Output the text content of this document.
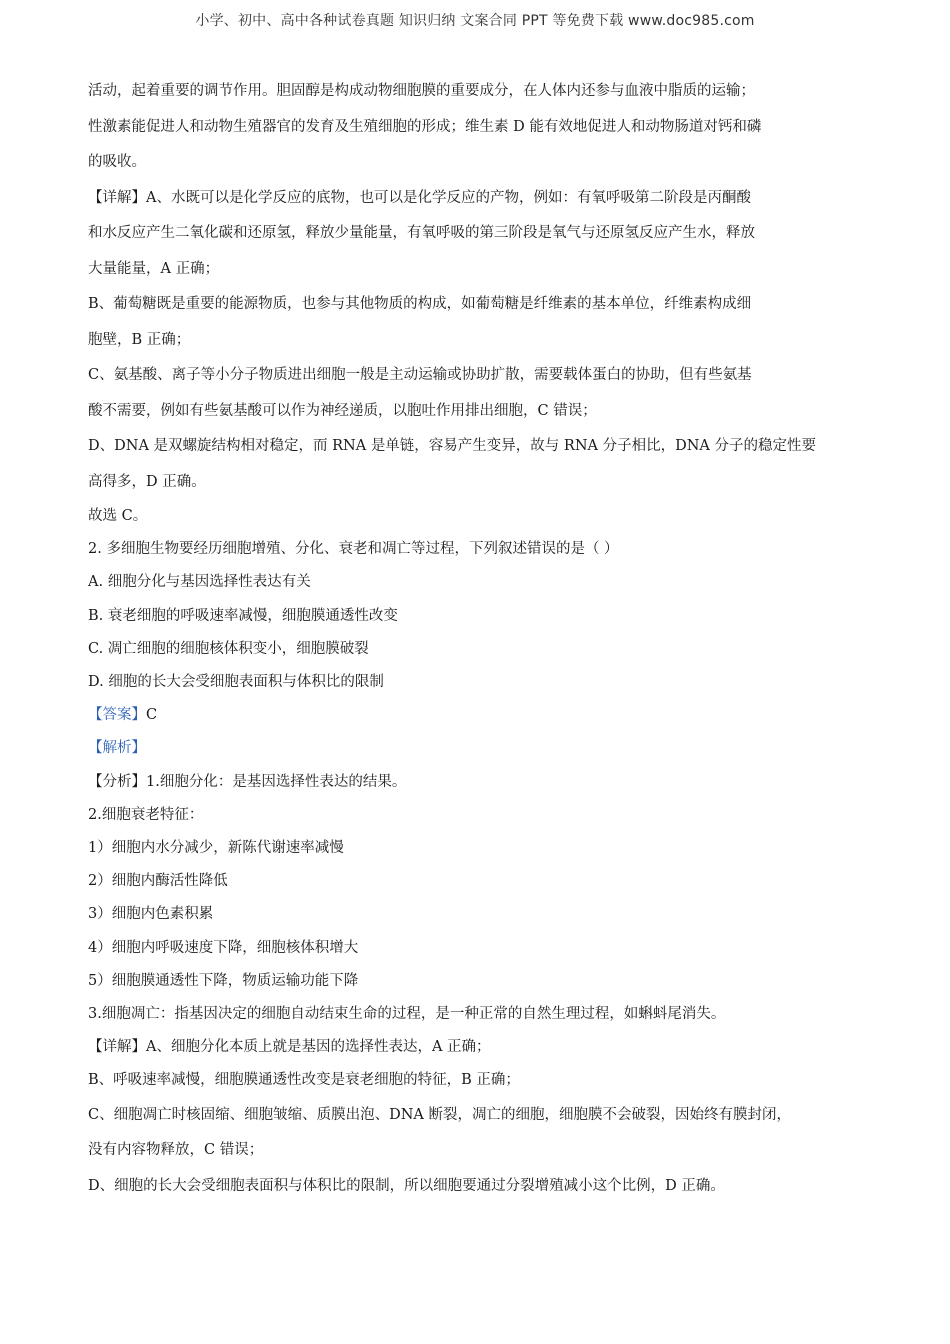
小学、初中、高中各种试卷真题 知识归纳 文案合同 PPT 等免费下载 www.doc985.com
活动，起着重要的调节作用。胆固醇是构成动物细胞膜的重要成分，在人体内还参与血液中脂质的运输；
性激素能促进人和动物生殖器官的发育及生殖细胞的形成；维生素 D 能有效地促进人和动物肠道对钙和磷
的吸收。
【详解】A、水既可以是化学反应的底物，也可以是化学反应的产物，例如：有氧呼吸第二阶段是丙酮酸
和水反应产生二氧化碳和还原氢，释放少量能量，有氧呼吸的第三阶段是氧气与还原氢反应产生水，释放
大量能量，A 正确；
B、葡萄糖既是重要的能源物质，也参与其他物质的构成，如葡萄糖是纤维素的基本单位，纤维素构成细
胞壁，B 正确；
C、氨基酸、离子等小分子物质进出细胞一般是主动运输或协助扩散，需要载体蛋白的协助，但有些氨基
酸不需要，例如有些氨基酸可以作为神经递质，以胞吐作用排出细胞，C 错误；
D、DNA 是双螺旋结构相对稳定，而 RNA 是单链，容易产生变异，故与 RNA 分子相比，DNA 分子的稳定性要
高得多，D 正确。
故选 C。
2. 多细胞生物要经历细胞增殖、分化、衰老和凋亡等过程，下列叙述错误的是（ ）
A. 细胞分化与基因选择性表达有关
B. 衰老细胞的呼吸速率减慢，细胞膜通透性改变
C. 凋亡细胞的细胞核体积变小，细胞膜破裂
D. 细胞的长大会受细胞表面积与体积比的限制
【答案】C
【解析】
【分析】1.细胞分化：是基因选择性表达的结果。
2.细胞衰老特征：
1）细胞内水分减少，新陈代谢速率减慢
2）细胞内酶活性降低
3）细胞内色素积累
4）细胞内呼吸速度下降，细胞核体积增大
5）细胞膜通透性下降，物质运输功能下降
3.细胞凋亡：指基因决定的细胞自动结束生命的过程，是一种正常的自然生理过程，如蝌蚪尾消失。
【详解】A、细胞分化本质上就是基因的选择性表达，A 正确；
B、呼吸速率减慢，细胞膜通透性改变是衰老细胞的特征，B 正确；
C、细胞凋亡时核固缩、细胞皱缩、质膜出泡、DNA 断裂，凋亡的细胞，细胞膜不会破裂，因始终有膜封闭，
没有内容物释放，C 错误；
D、细胞的长大会受细胞表面积与体积比的限制，所以细胞要通过分裂增殖减小这个比例，D 正确。
